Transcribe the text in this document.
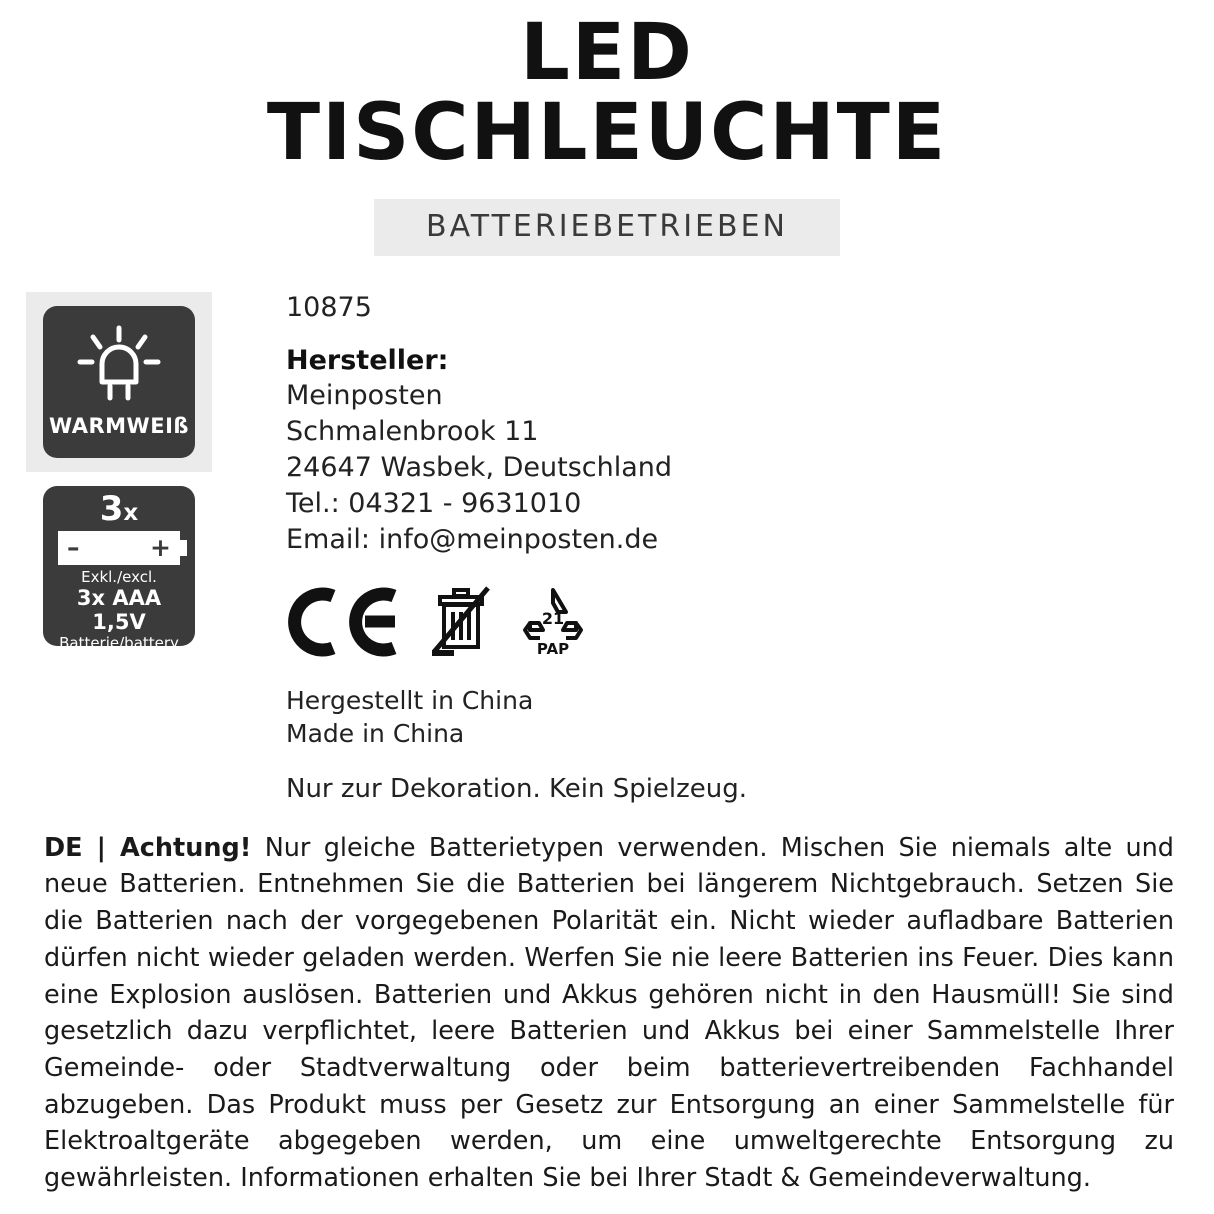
LED
TISCHLEUCHTE
BATTERIEBETRIEBEN
WARMWEIß
3x
–	+
Exkl./excl.
3x AAA 1,5V
Batterie/battery
10875
Hersteller:
Meinposten
Schmalenbrook 11
24647 Wasbek, Deutschland
Tel.: 04321 - 9631010
Email: info@meinposten.de
21
PAP
Hergestellt in China
Made in China
Nur zur Dekoration. Kein Spielzeug.

DE | Achtung! Nur gleiche Batterietypen verwenden. Mischen Sie niemals alte und neue Batterien. Entnehmen Sie die Batterien bei längerem Nichtgebrauch. Setzen Sie die Batterien nach der vorgegebenen Polarität ein. Nicht wieder aufladbare Batterien dürfen nicht wieder geladen werden. Werfen Sie nie leere Batterien ins Feuer. Dies kann eine Explosion auslösen. Batterien und Akkus gehören nicht in den Hausmüll! Sie sind gesetzlich dazu verpflichtet, leere Batterien und Akkus bei einer Sammelstelle Ihrer Gemeinde- oder Stadtverwaltung oder beim batterievertreibenden Fachhandel abzugeben. Das Produkt muss per Gesetz zur Entsorgung an einer Sammelstelle für Elektroaltgeräte abgegeben werden, um eine umweltgerechte Entsorgung zu gewährleisten. Informationen erhalten Sie bei Ihrer Stadt & Gemeindeverwaltung.
